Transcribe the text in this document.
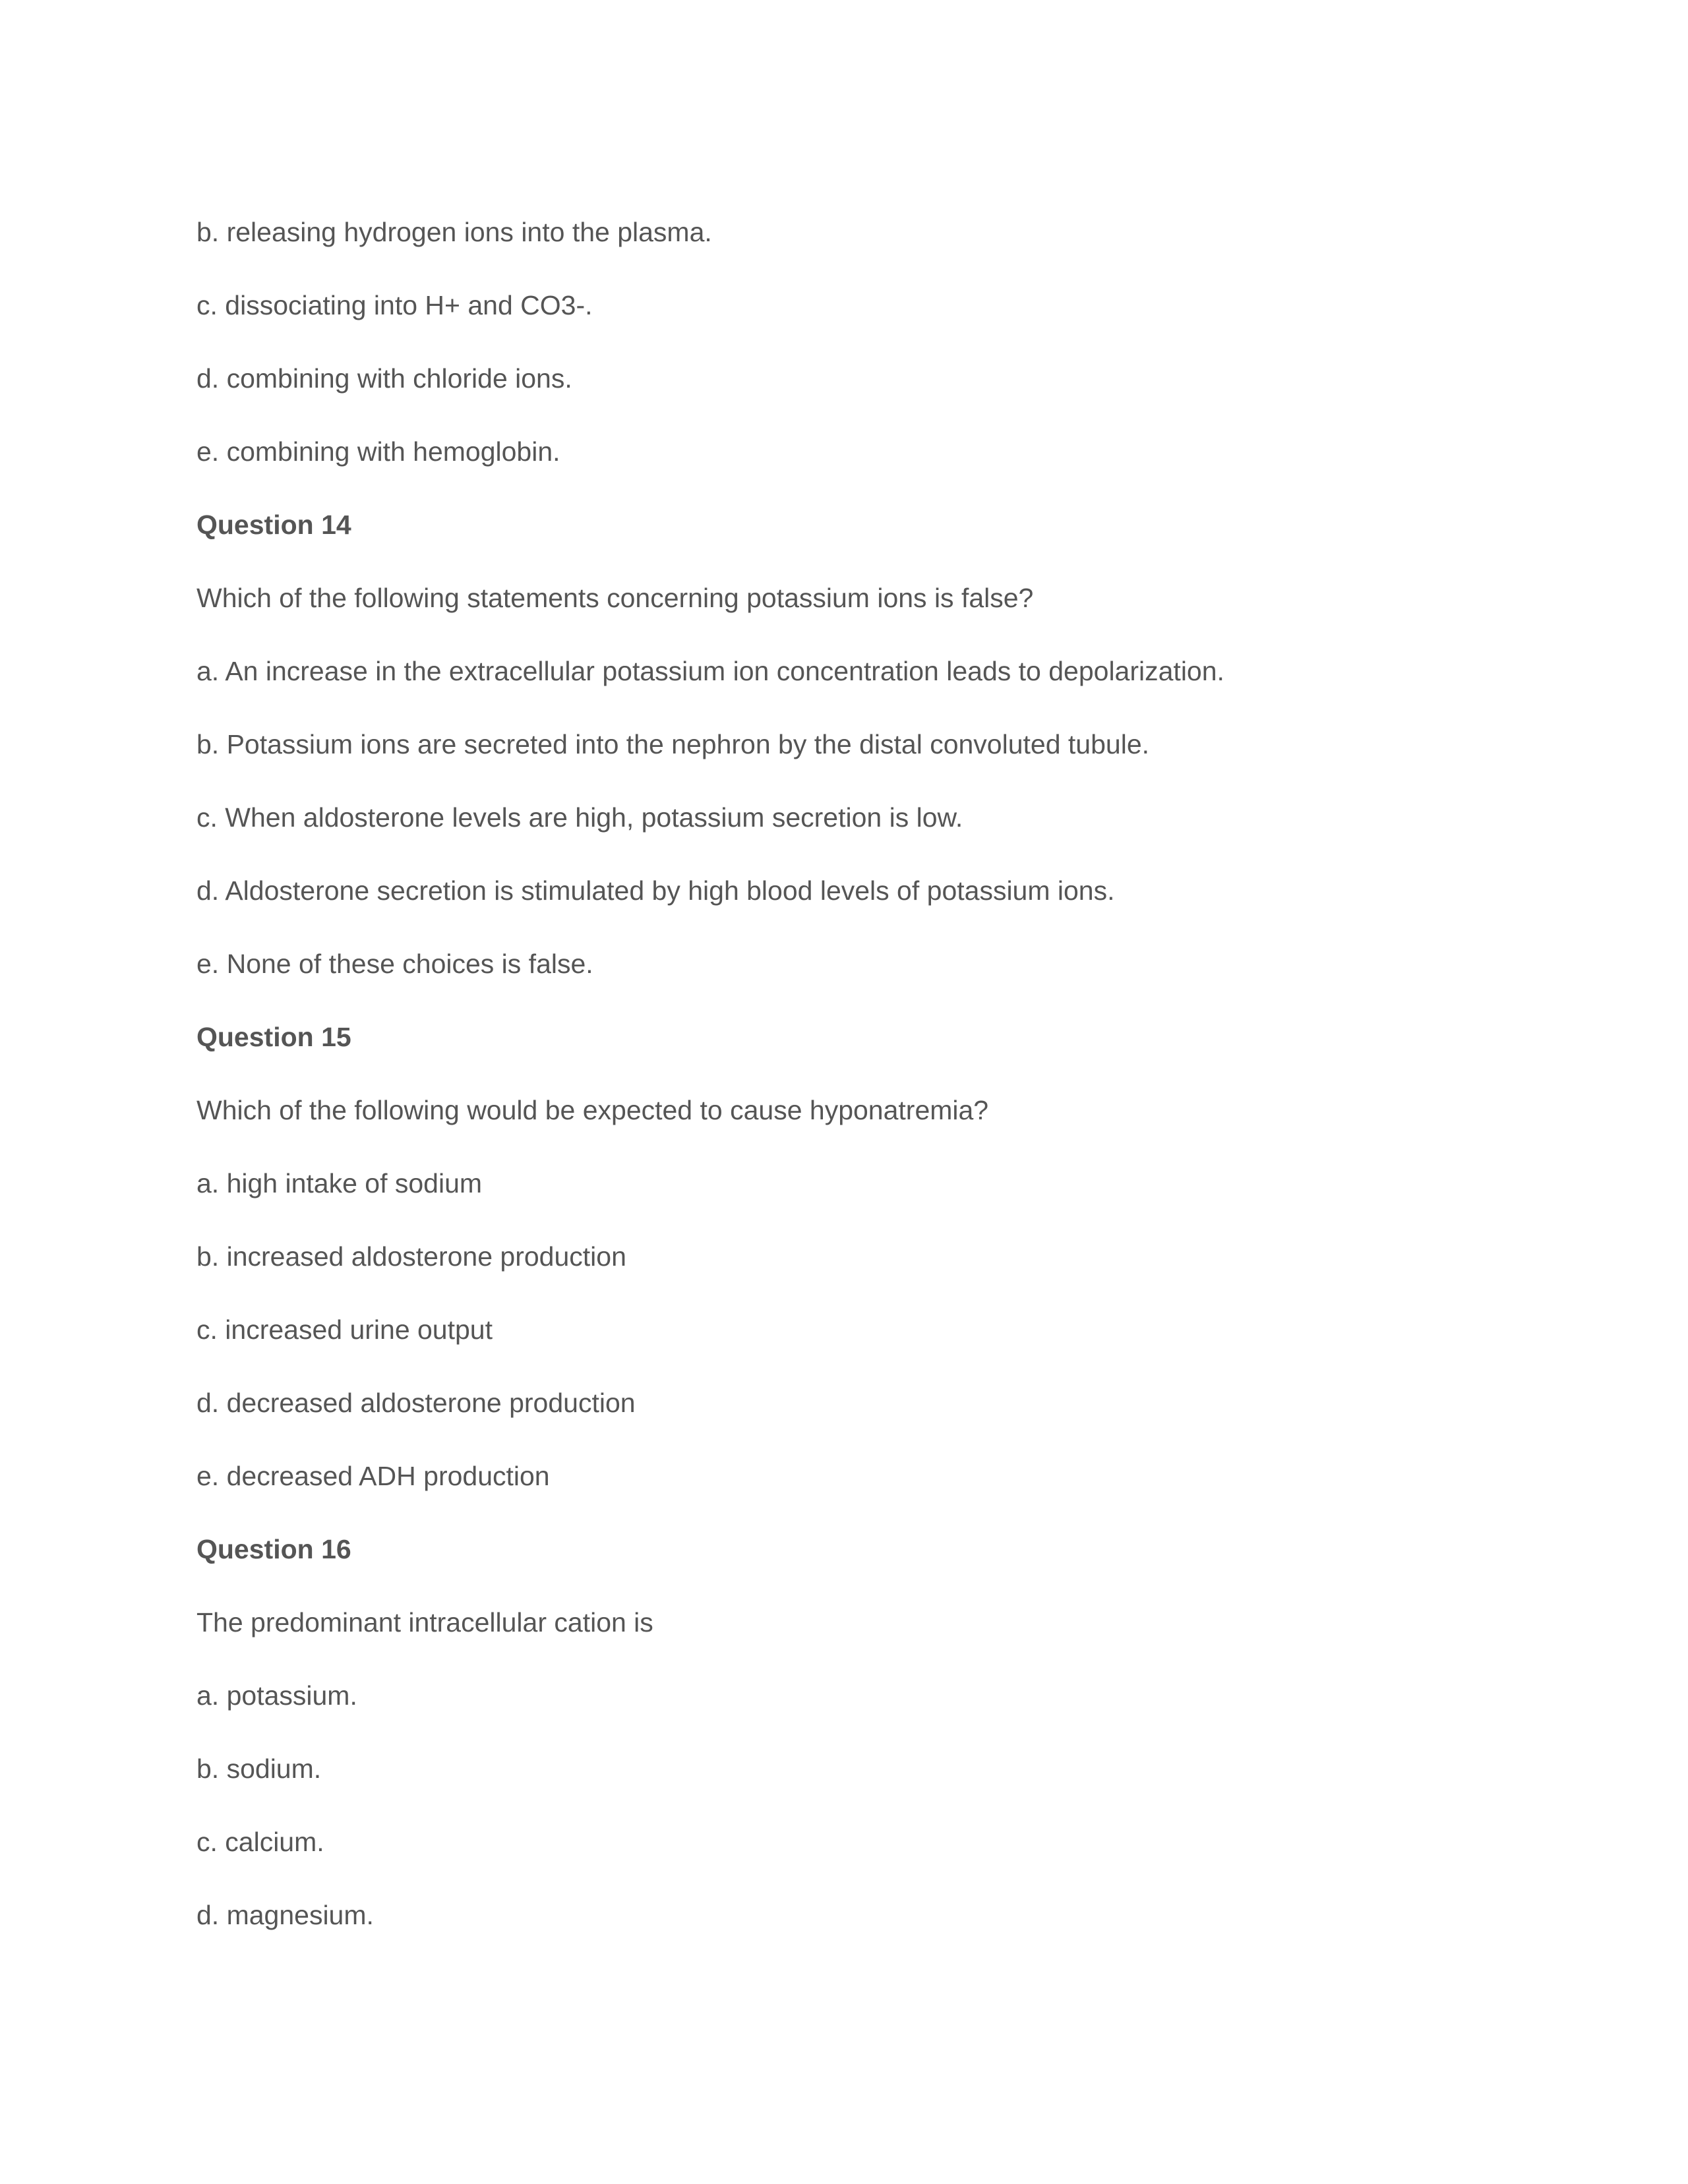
b. releasing hydrogen ions into the plasma.
c. dissociating into H+ and CO3-.
d. combining with chloride ions.
e. combining with hemoglobin.
Question 14
Which of the following statements concerning potassium ions is false?
a. An increase in the extracellular potassium ion concentration leads to depolarization.
b. Potassium ions are secreted into the nephron by the distal convoluted tubule.
c. When aldosterone levels are high, potassium secretion is low.
d. Aldosterone secretion is stimulated by high blood levels of potassium ions.
e. None of these choices is false.
Question 15
Which of the following would be expected to cause hyponatremia?
a. high intake of sodium
b. increased aldosterone production
c. increased urine output
d. decreased aldosterone production
e. decreased ADH production
Question 16
The predominant intracellular cation is
a. potassium.
b. sodium.
c. calcium.
d. magnesium.
